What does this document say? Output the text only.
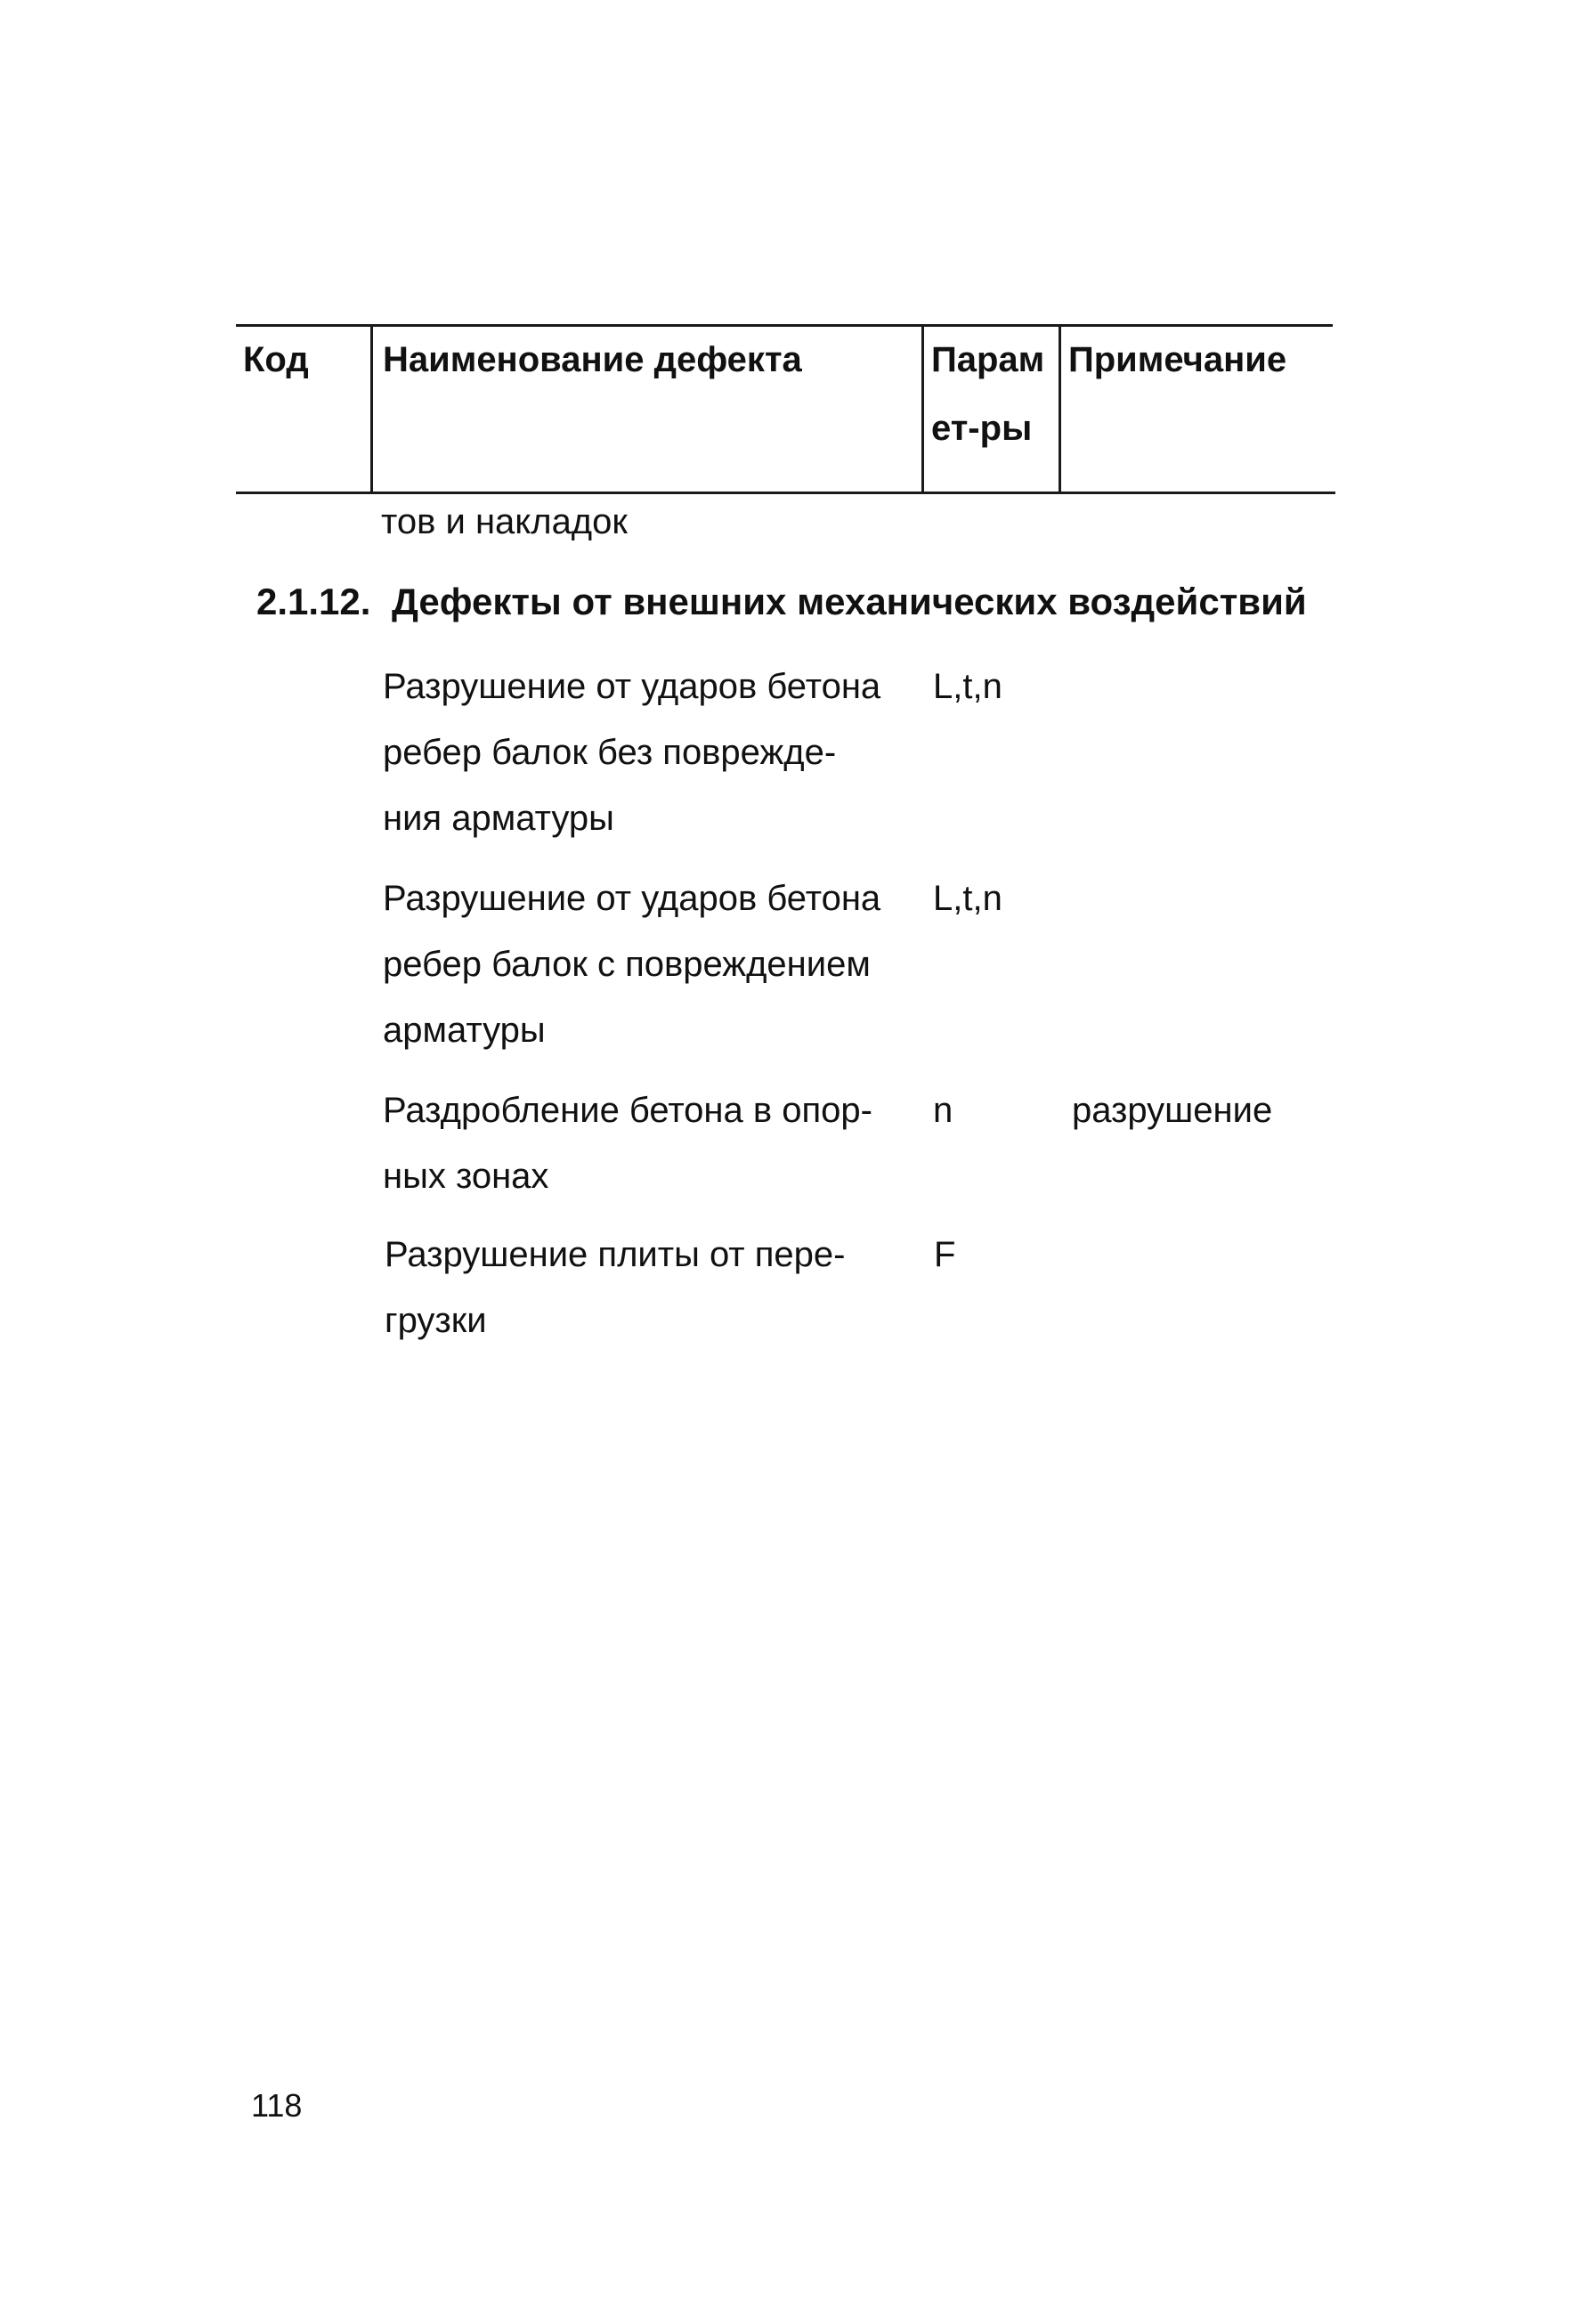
Код Наименование дефекта	Парам
ет-ры
Примечание
тов и накладок
2.1.12. Дефекты от внешних механических воздействий
Разрушение от ударов бетона
ребер балок без поврежде-
ния арматуры
L,t,n
Разрушение от ударов бетона
ребер балок с повреждением
арматуры
L,t,n
Раздробление бетона в опор-
ных зонах
n	разрушение
Разрушение плиты от пере-
грузки
F
118
